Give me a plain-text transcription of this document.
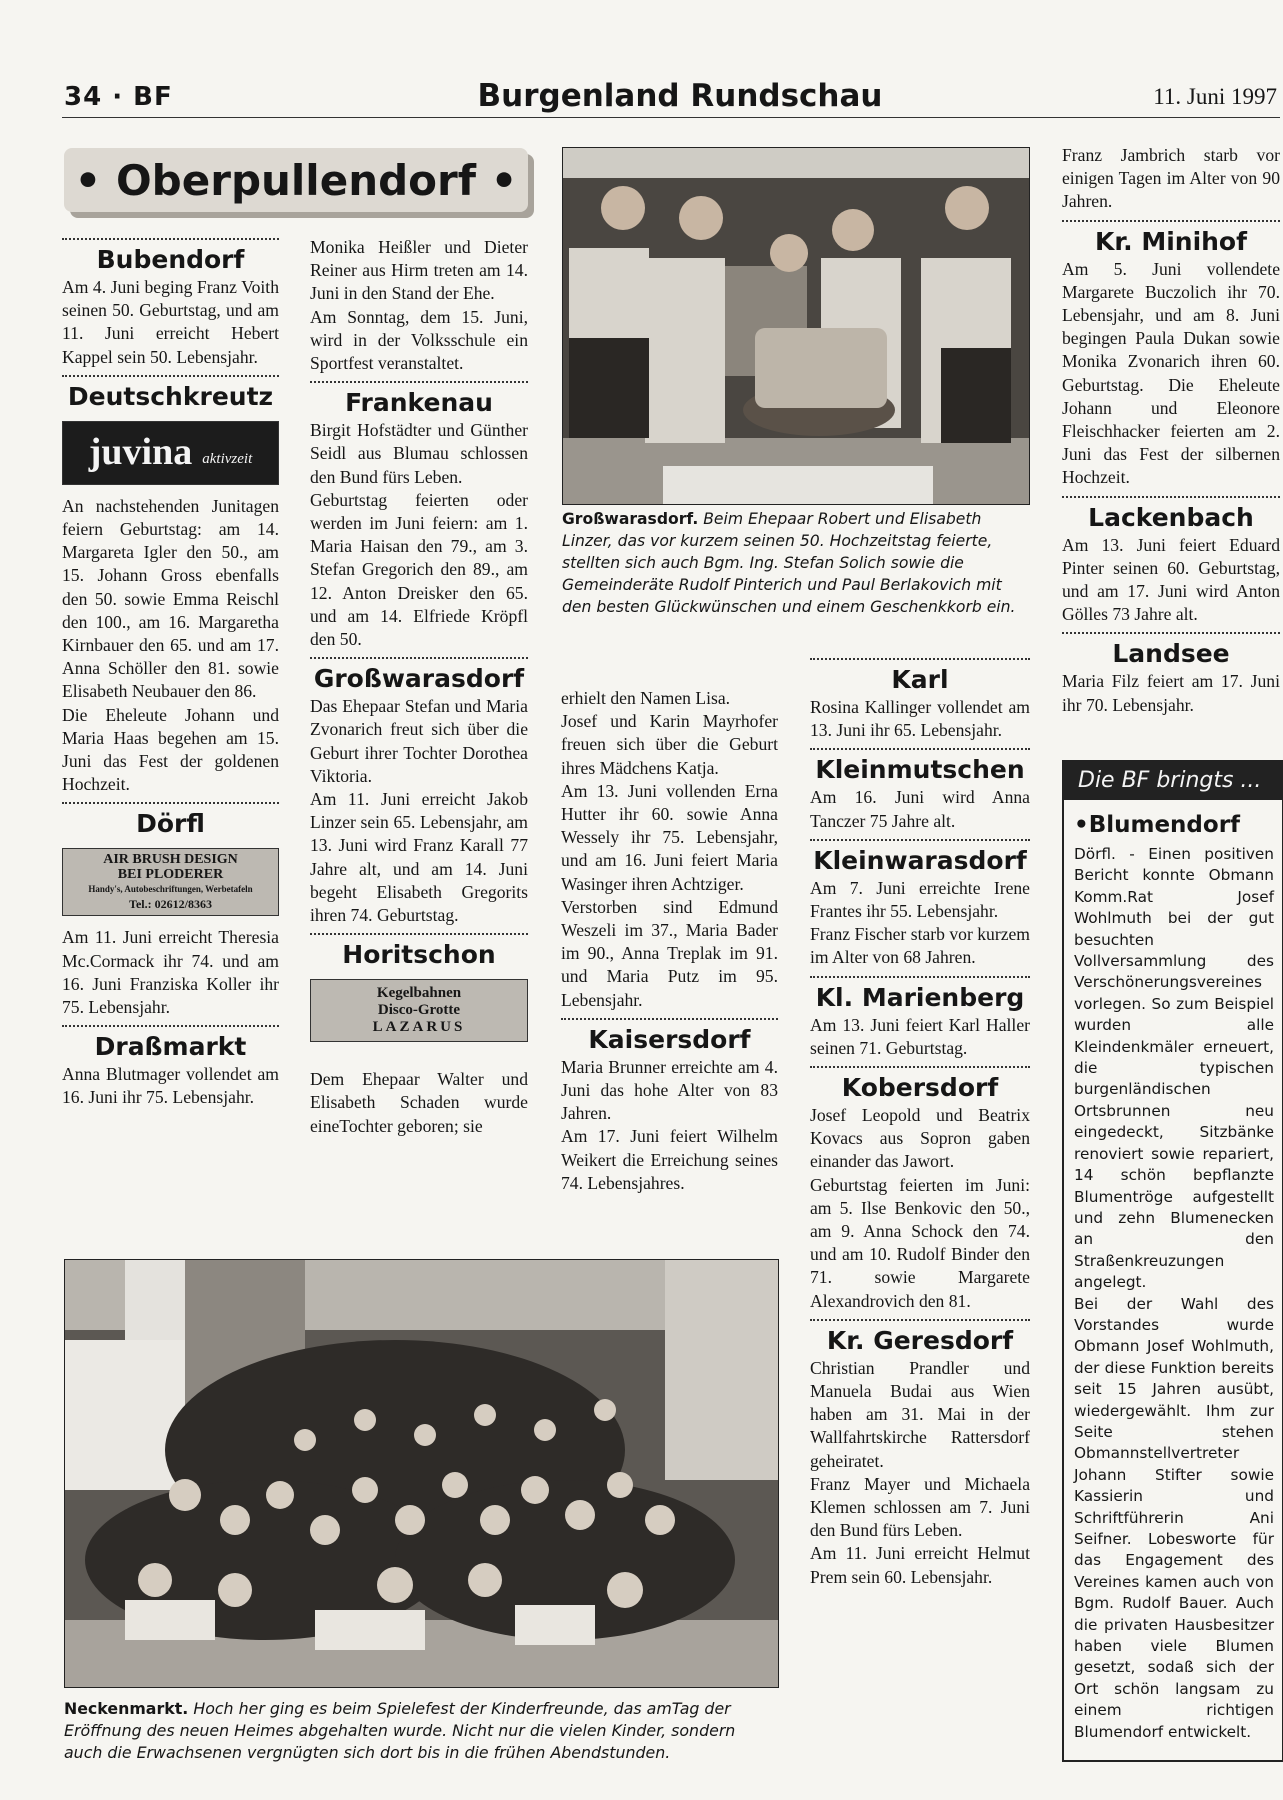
34 · BF	Burgenland Rundschau	11. Juni 1997
• Oberpullendorf •
Bubendorf

Am 4. Juni beging Franz Voith seinen 50. Geburtstag, und am 11. Juni erreicht Hebert Kappel sein 50. Lebensjahr.

Deutschkreutz
juvina aktivzeit

An nachstehenden Junitagen feiern Geburtstag: am 14. Margareta Igler den 50., am 15. Johann Gross ebenfalls den 50. sowie Emma Reischl den 100., am 16. Margaretha Kirnbauer den 65. und am 17. Anna Schöller den 81. sowie Elisabeth Neubauer den 86.

Die Eheleute Johann und Maria Haas begehen am 15. Juni das Fest der goldenen Hochzeit.

Dörfl
AIR BRUSH DESIGN
BEI PLODERER
Handy's, Autobeschriftungen, Werbetafeln
Tel.: 02612/8363

Am 11. Juni erreicht Theresia Mc.Cormack ihr 74. und am 16. Juni Franziska Koller ihr 75. Lebensjahr.

Draßmarkt

Anna Blutmager vollendet am 16. Juni ihr 75. Lebensjahr.

Monika Heißler und Dieter Reiner aus Hirm treten am 14. Juni in den Stand der Ehe.

Am Sonntag, dem 15. Juni, wird in der Volksschule ein Sportfest veranstaltet.

Frankenau

Birgit Hofstädter und Günther Seidl aus Blumau schlossen den Bund fürs Leben.

Geburtstag feierten oder werden im Juni feiern: am 1. Maria Haisan den 79., am 3. Stefan Gregorich den 89., am 12. Anton Dreisker den 65. und am 14. Elfriede Kröpfl den 50.

Großwarasdorf

Das Ehepaar Stefan und Maria Zvonarich freut sich über die Geburt ihrer Tochter Dorothea Viktoria.

Am 11. Juni erreicht Jakob Linzer sein 65. Lebensjahr, am 13. Juni wird Franz Karall 77 Jahre alt, und am 14. Juni begeht Elisabeth Gregorits ihren 74. Geburtstag.

Horitschon
Kegelbahnen
Disco-Grotte
LAZARUS

Dem Ehepaar Walter und Elisabeth Schaden wurde eineTochter geboren; sie

Großwarasdorf. Beim Ehepaar Robert und Elisabeth Linzer, das vor kurzem seinen 50. Hochzeitstag feierte, stellten sich auch Bgm. Ing. Stefan Solich sowie die Gemeinderäte Rudolf Pinterich und Paul Berlakovich mit den besten Glückwünschen und einem Geschenkkorb ein.

erhielt den Namen Lisa.

Josef und Karin Mayrhofer freuen sich über die Geburt ihres Mädchens Katja.

Am 13. Juni vollenden Erna Hutter ihr 60. sowie Anna Wessely ihr 75. Lebensjahr, und am 16. Juni feiert Maria Wasinger ihren Achtziger.

Verstorben sind Edmund Weszeli im 37., Maria Bader im 90., Anna Treplak im 91. und Maria Putz im 95. Lebensjahr.

Kaisersdorf

Maria Brunner erreichte am 4. Juni das hohe Alter von 83 Jahren.

Am 17. Juni feiert Wilhelm Weikert die Erreichung seines 74. Lebensjahres.

Karl

Rosina Kallinger vollendet am 13. Juni ihr 65. Lebensjahr.

Kleinmutschen

Am 16. Juni wird Anna Tanczer 75 Jahre alt.

Kleinwarasdorf

Am 7. Juni erreichte Irene Frantes ihr 55. Lebensjahr.

Franz Fischer starb vor kurzem im Alter von 68 Jahren.

Kl. Marienberg

Am 13. Juni feiert Karl Haller seinen 71. Geburtstag.

Kobersdorf

Josef Leopold und Beatrix Kovacs aus Sopron gaben einander das Jawort.

Geburtstag feierten im Juni: am 5. Ilse Benkovic den 50., am 9. Anna Schock den 74. und am 10. Rudolf Binder den 71. sowie Margarete Alexandrovich den 81.

Kr. Geresdorf

Christian Prandler und Manuela Budai aus Wien haben am 31. Mai in der Wallfahrtskirche Rattersdorf geheiratet.

Franz Mayer und Michaela Klemen schlossen am 7. Juni den Bund fürs Leben.

Am 11. Juni erreicht Helmut Prem sein 60. Lebensjahr.

Franz Jambrich starb vor einigen Tagen im Alter von 90 Jahren.

Kr. Minihof

Am 5. Juni vollendete Margarete Buczolich ihr 70. Lebensjahr, und am 8. Juni begingen Paula Dukan sowie Monika Zvonarich ihren 60. Geburtstag. Die Eheleute Johann und Eleonore Fleischhacker feierten am 2. Juni das Fest der silbernen Hochzeit.

Lackenbach

Am 13. Juni feiert Eduard Pinter seinen 60. Geburtstag, und am 17. Juni wird Anton Gölles 73 Jahre alt.

Landsee

Maria Filz feiert am 17. Juni ihr 70. Lebensjahr.

Die BF bringts ...
•Blumendorf

Dörfl. - Einen positiven Bericht konnte Obmann Komm.Rat Josef Wohlmuth bei der gut besuchten Vollversammlung des Verschönerungsvereines vorlegen. So zum Beispiel wurden alle Kleindenkmäler erneuert, die typischen burgenländischen Ortsbrunnen neu eingedeckt, Sitzbänke renoviert sowie repariert, 14 schön bepflanzte Blumentröge aufgestellt und zehn Blumenecken an den Straßenkreuzungen angelegt.

Bei der Wahl des Vorstandes wurde Obmann Josef Wohlmuth, der diese Funktion bereits seit 15 Jahren ausübt, wiedergewählt. Ihm zur Seite stehen Obmannstellvertreter Johann Stifter sowie Kassierin und Schriftführerin Ani Seifner. Lobesworte für das Engagement des Vereines kamen auch von Bgm. Rudolf Bauer. Auch die privaten Hausbesitzer haben viele Blumen gesetzt, sodaß sich der Ort schön langsam zu einem richtigen Blumendorf entwickelt.

Neckenmarkt. Hoch her ging es beim Spielefest der Kinderfreunde, das amTag der Eröffnung des neuen Heimes abgehalten wurde. Nicht nur die vielen Kinder, sondern auch die Erwachsenen vergnügten sich dort bis in die frühen Abendstunden.
